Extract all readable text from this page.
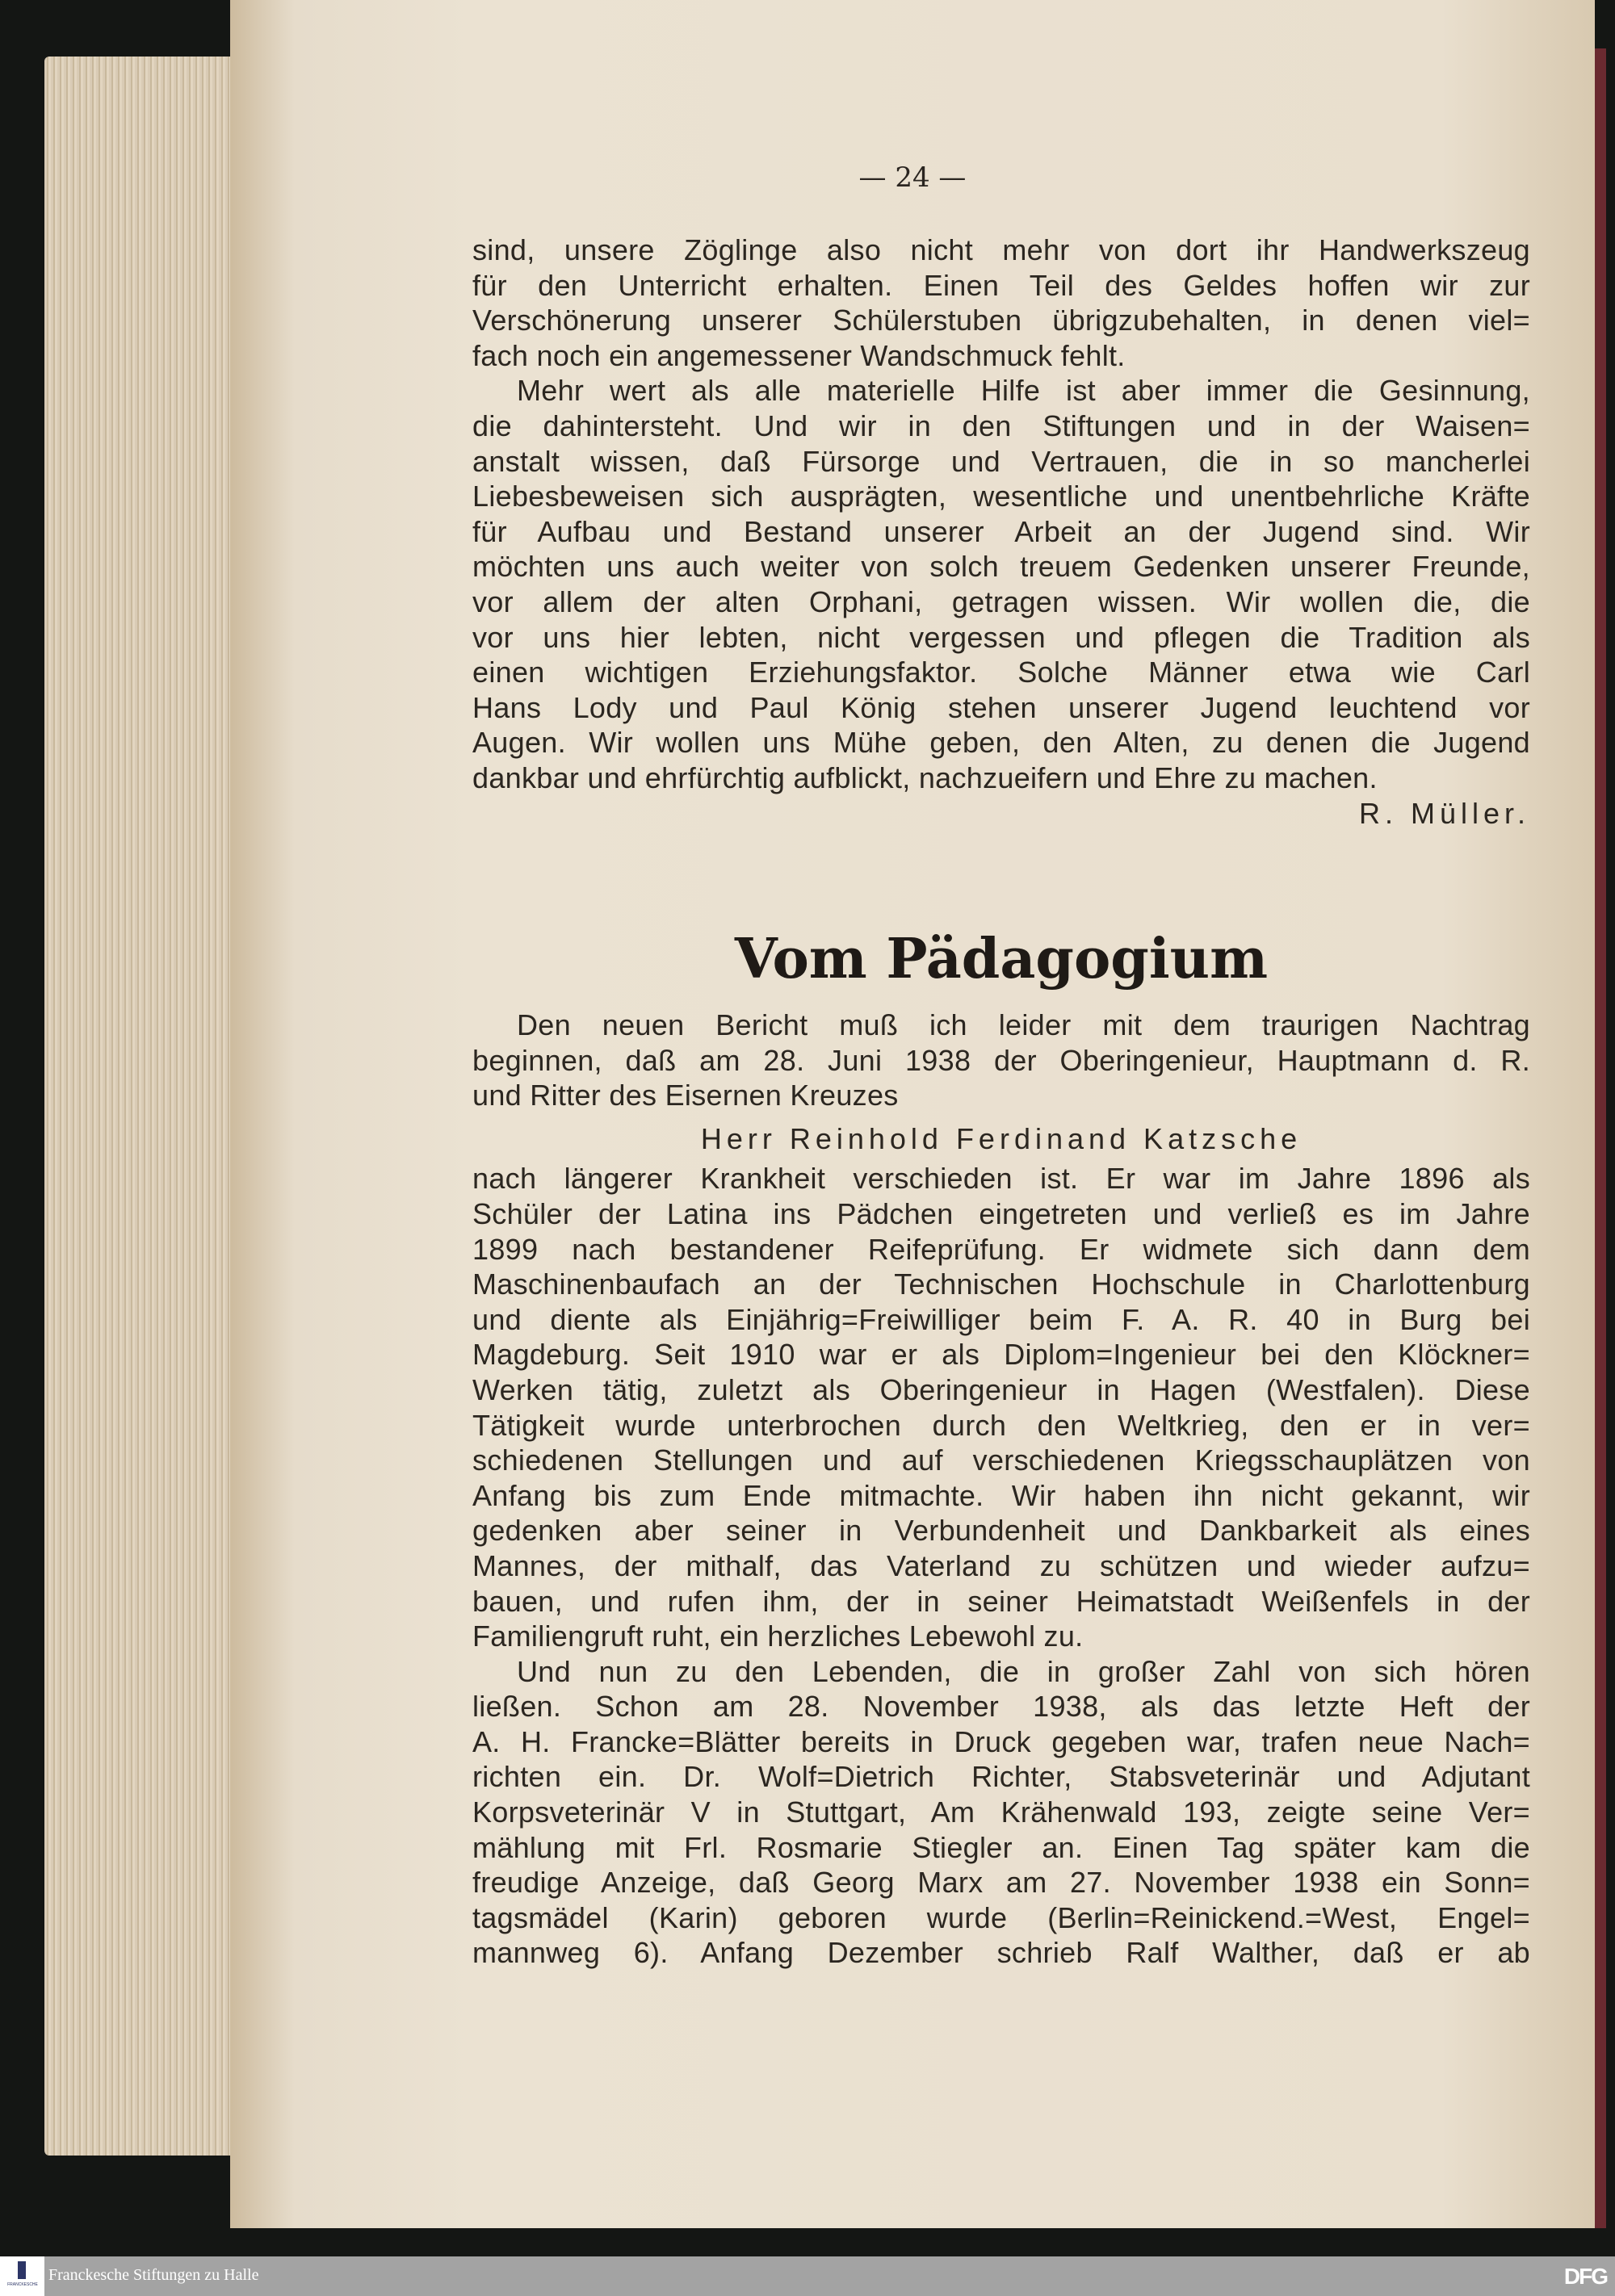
— 24 —
sind, unsere Zöglinge also nicht mehr von dort ihr Handwerkszeug
für den Unterricht erhalten. Einen Teil des Geldes hoffen wir zur
Verschönerung unserer Schülerstuben übrigzubehalten, in denen viel=
fach noch ein angemessener Wandschmuck fehlt.
Mehr wert als alle materielle Hilfe ist aber immer die Gesinnung,
die dahintersteht. Und wir in den Stiftungen und in der Waisen=
anstalt wissen, daß Fürsorge und Vertrauen, die in so mancherlei
Liebesbeweisen sich ausprägten, wesentliche und unentbehrliche Kräfte
für Aufbau und Bestand unserer Arbeit an der Jugend sind. Wir
möchten uns auch weiter von solch treuem Gedenken unserer Freunde,
vor allem der alten Orphani, getragen wissen. Wir wollen die, die
vor uns hier lebten, nicht vergessen und pflegen die Tradition als
einen wichtigen Erziehungsfaktor. Solche Männer etwa wie Carl
Hans Lody und Paul König stehen unserer Jugend leuchtend vor
Augen. Wir wollen uns Mühe geben, den Alten, zu denen die Jugend
dankbar und ehrfürchtig aufblickt, nachzueifern und Ehre zu machen.
R. Müller.
Vom Pädagogium
Den neuen Bericht muß ich leider mit dem traurigen Nachtrag
beginnen, daß am 28. Juni 1938 der Oberingenieur, Hauptmann d. R.
und Ritter des Eisernen Kreuzes
Herr Reinhold Ferdinand Katzsche
nach längerer Krankheit verschieden ist. Er war im Jahre 1896 als
Schüler der Latina ins Pädchen eingetreten und verließ es im Jahre
1899 nach bestandener Reifeprüfung. Er widmete sich dann dem
Maschinenbaufach an der Technischen Hochschule in Charlottenburg
und diente als Einjährig=Freiwilliger beim F. A. R. 40 in Burg bei
Magdeburg. Seit 1910 war er als Diplom=Ingenieur bei den Klöckner=
Werken tätig, zuletzt als Oberingenieur in Hagen (Westfalen). Diese
Tätigkeit wurde unterbrochen durch den Weltkrieg, den er in ver=
schiedenen Stellungen und auf verschiedenen Kriegsschauplätzen von
Anfang bis zum Ende mitmachte. Wir haben ihn nicht gekannt, wir
gedenken aber seiner in Verbundenheit und Dankbarkeit als eines
Mannes, der mithalf, das Vaterland zu schützen und wieder aufzu=
bauen, und rufen ihm, der in seiner Heimatstadt Weißenfels in der
Familiengruft ruht, ein herzliches Lebewohl zu.
Und nun zu den Lebenden, die in großer Zahl von sich hören
ließen. Schon am 28. November 1938, als das letzte Heft der
A. H. Francke=Blätter bereits in Druck gegeben war, trafen neue Nach=
richten ein. Dr. Wolf=Dietrich Richter, Stabsveterinär und Adjutant
Korpsveterinär V in Stuttgart, Am Krähenwald 193, zeigte seine Ver=
mählung mit Frl. Rosmarie Stiegler an. Einen Tag später kam die
freudige Anzeige, daß Georg Marx am 27. November 1938 ein Sonn=
tagsmädel (Karin) geboren wurde (Berlin=Reinickend.=West, Engel=
mannweg 6). Anfang Dezember schrieb Ralf Walther, daß er ab
FRANCKESCHE
Franckesche Stiftungen zu Halle	DFG
